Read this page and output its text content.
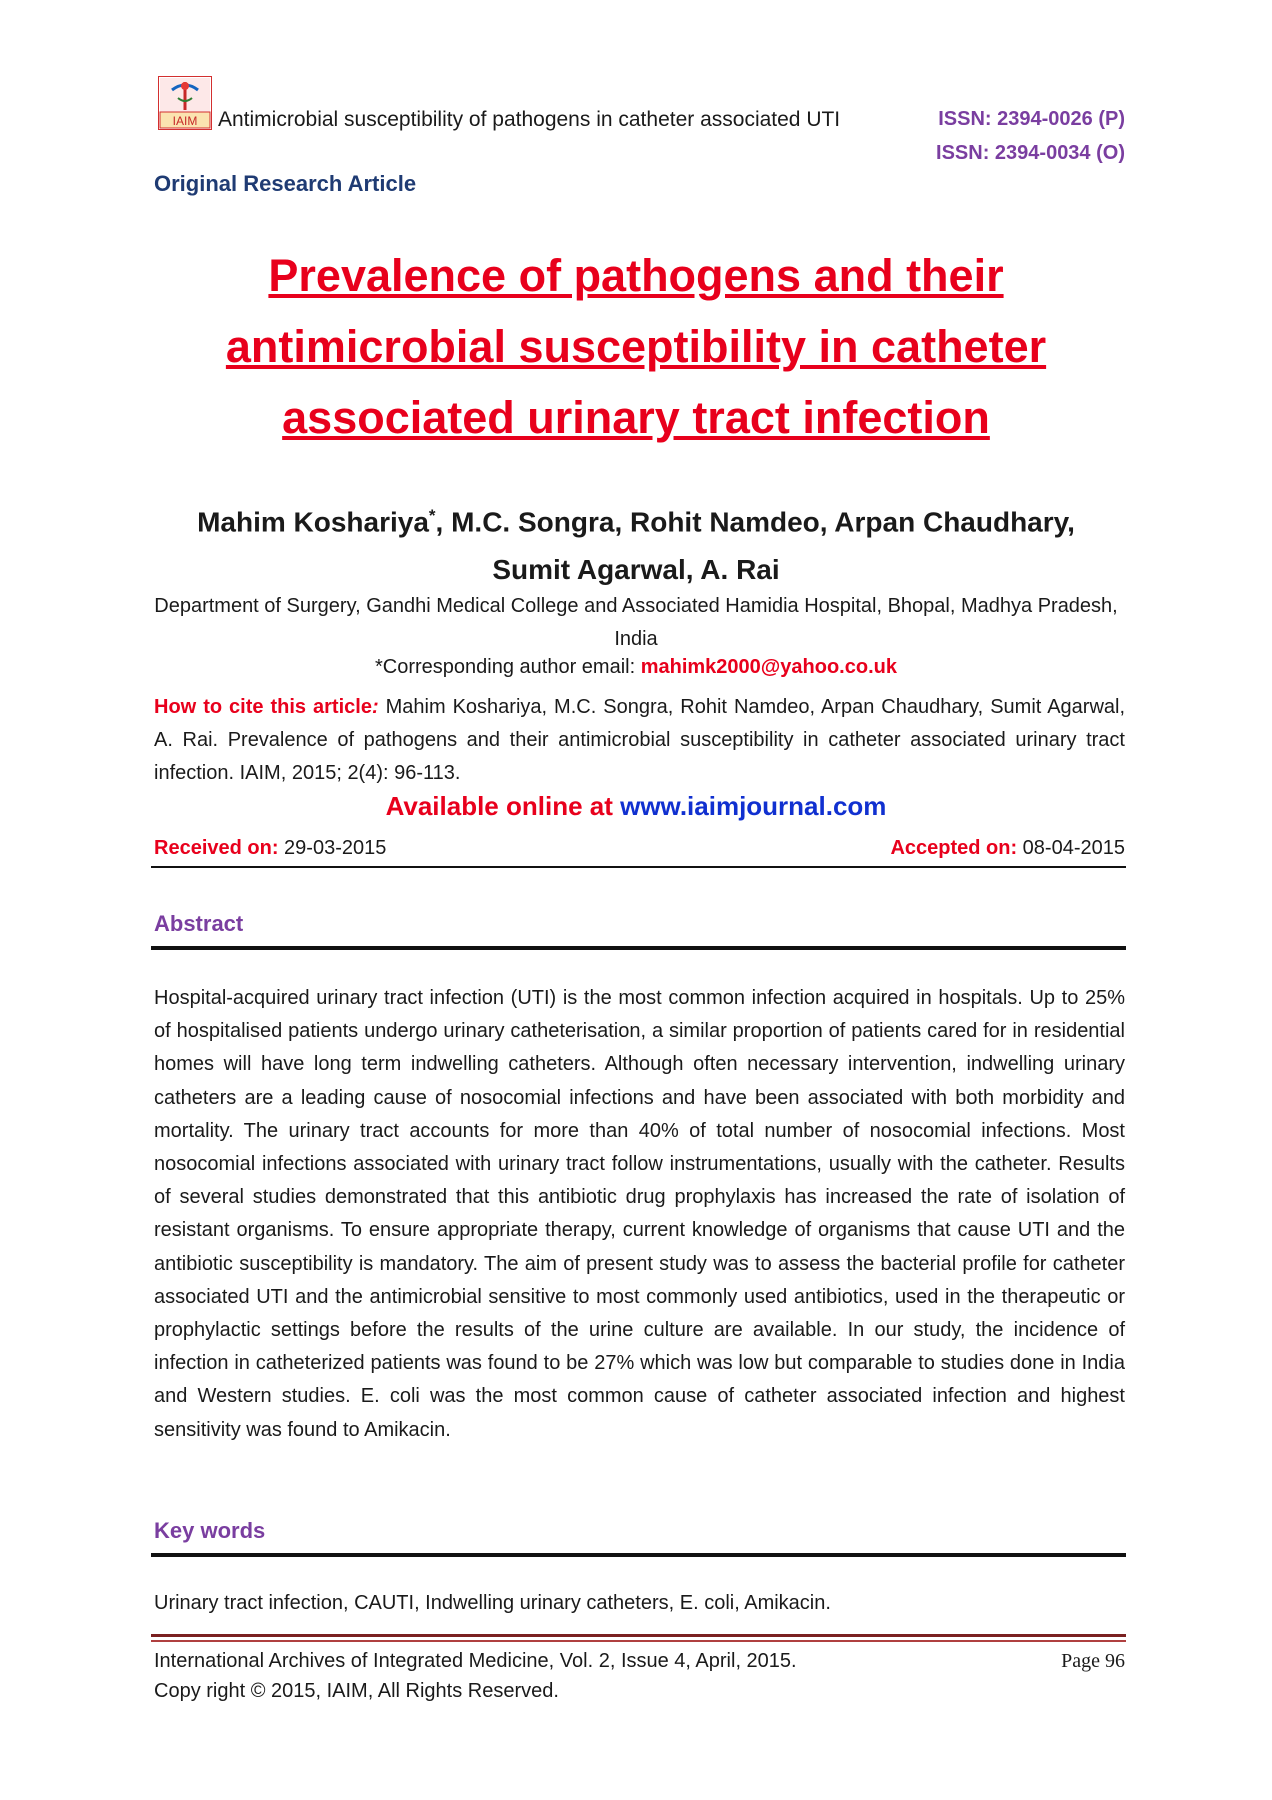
IAIM Antimicrobial susceptibility of pathogens in catheter associated UTI	ISSN: 2394-0026 (P)
ISSN: 2394-0034 (O)
Original Research Article
Prevalence of pathogens and their
antimicrobial susceptibility in catheter
associated urinary tract infection
Mahim Koshariya*, M.C. Songra, Rohit Namdeo, Arpan Chaudhary,
Sumit Agarwal, A. Rai
Department of Surgery, Gandhi Medical College and Associated Hamidia Hospital, Bhopal, Madhya Pradesh, India
*Corresponding author email: mahimk2000@yahoo.co.uk
How to cite this article: Mahim Koshariya, M.C. Songra, Rohit Namdeo, Arpan Chaudhary, Sumit Agarwal, A. Rai. Prevalence of pathogens and their antimicrobial susceptibility in catheter associated urinary tract infection. IAIM, 2015; 2(4): 96-113.
Available online at www.iaimjournal.com
Received on: 29-03-2015	Accepted on: 08-04-2015
Abstract
Hospital-acquired urinary tract infection (UTI) is the most common infection acquired in hospitals. Up to 25% of hospitalised patients undergo urinary catheterisation, a similar proportion of patients cared for in residential homes will have long term indwelling catheters. Although often necessary intervention, indwelling urinary catheters are a leading cause of nosocomial infections and have been associated with both morbidity and mortality. The urinary tract accounts for more than 40% of total number of nosocomial infections. Most nosocomial infections associated with urinary tract follow instrumentations, usually with the catheter. Results of several studies demonstrated that this antibiotic drug prophylaxis has increased the rate of isolation of resistant organisms. To ensure appropriate therapy, current knowledge of organisms that cause UTI and the antibiotic susceptibility is mandatory. The aim of present study was to assess the bacterial profile for catheter associated UTI and the antimicrobial sensitive to most commonly used antibiotics, used in the therapeutic or prophylactic settings before the results of the urine culture are available. In our study, the incidence of infection in catheterized patients was found to be 27% which was low but comparable to studies done in India and Western studies. E. coli was the most common cause of catheter associated infection and highest sensitivity was found to Amikacin.
Key words
Urinary tract infection, CAUTI, Indwelling urinary catheters, E. coli, Amikacin.
International Archives of Integrated Medicine, Vol. 2, Issue 4, April, 2015.
Copy right © 2015, IAIM, All Rights Reserved.
Page 96
